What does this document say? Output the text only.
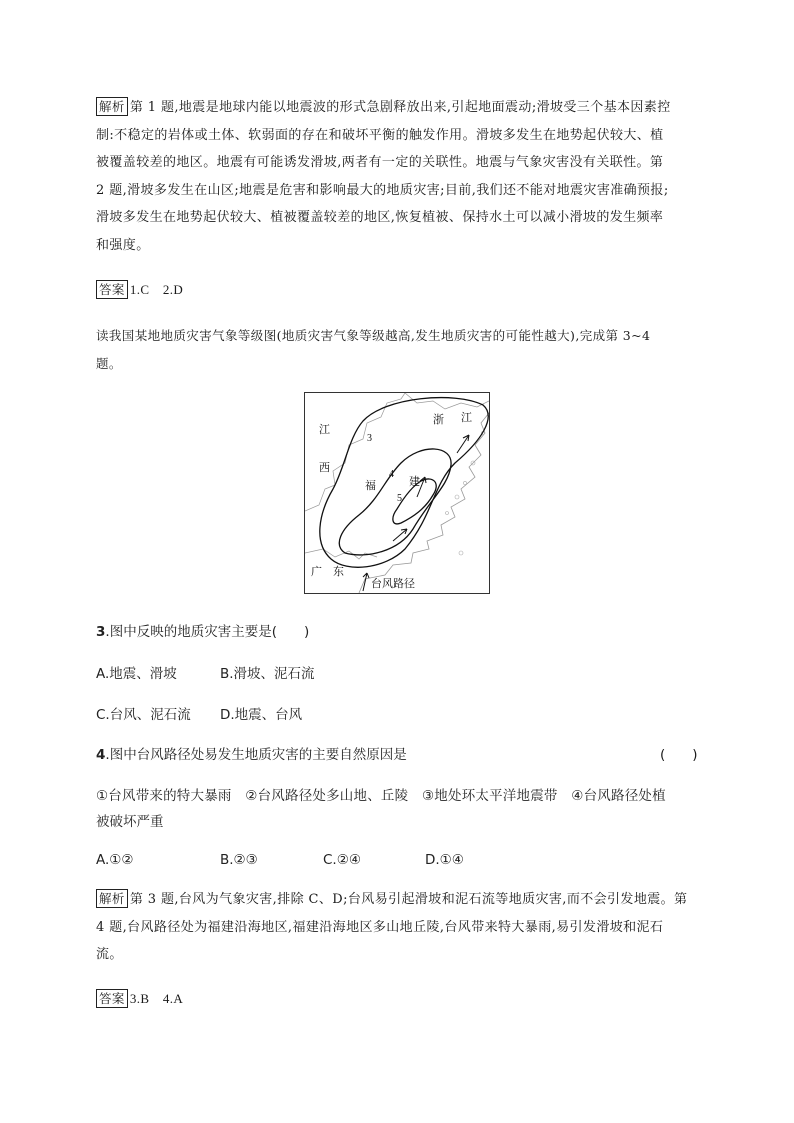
解析 第 1 题,地震是地球内能以地震波的形式急剧释放出来,引起地面震动;滑坡受三个基本因素控
制:不稳定的岩体或土体、软弱面的存在和破坏平衡的触发作用。滑坡多发生在地势起伏较大、植
被覆盖较差的地区。地震有可能诱发滑坡,两者有一定的关联性。地震与气象灾害没有关联性。第
2 题,滑坡多发生在山区;地震是危害和影响最大的地质灾害;目前,我们还不能对地震灾害准确预报;
滑坡多发生在地势起伏较大、植被覆盖较差的地区,恢复植被、保持水土可以减小滑坡的发生频率
和强度。
答案 1.C　2.D
读我国某地地质灾害气象等级图(地质灾害气象等级越高,发生地质灾害的可能性越大),完成第 3~4
题。
江
西
浙 江
福	建
广　东
台风路径
3
4
5
3.图中反映的地质灾害主要是(　　)
A.地震、滑坡	B.滑坡、泥石流
C.台风、泥石流 D.地震、台风
4.图中台风路径处易发生地质灾害的主要自然原因是	(　　)
①台风带来的特大暴雨　②台风路径处多山地、丘陵　③地处环太平洋地震带　④台风路径处植
被破坏严重
A.①②	B.②③	C.②④	D.①④
解析 第 3 题,台风为气象灾害,排除 C、D;台风易引起滑坡和泥石流等地质灾害,而不会引发地震。第
4 题,台风路径处为福建沿海地区,福建沿海地区多山地丘陵,台风带来特大暴雨,易引发滑坡和泥石
流。
答案 3.B　4.A
